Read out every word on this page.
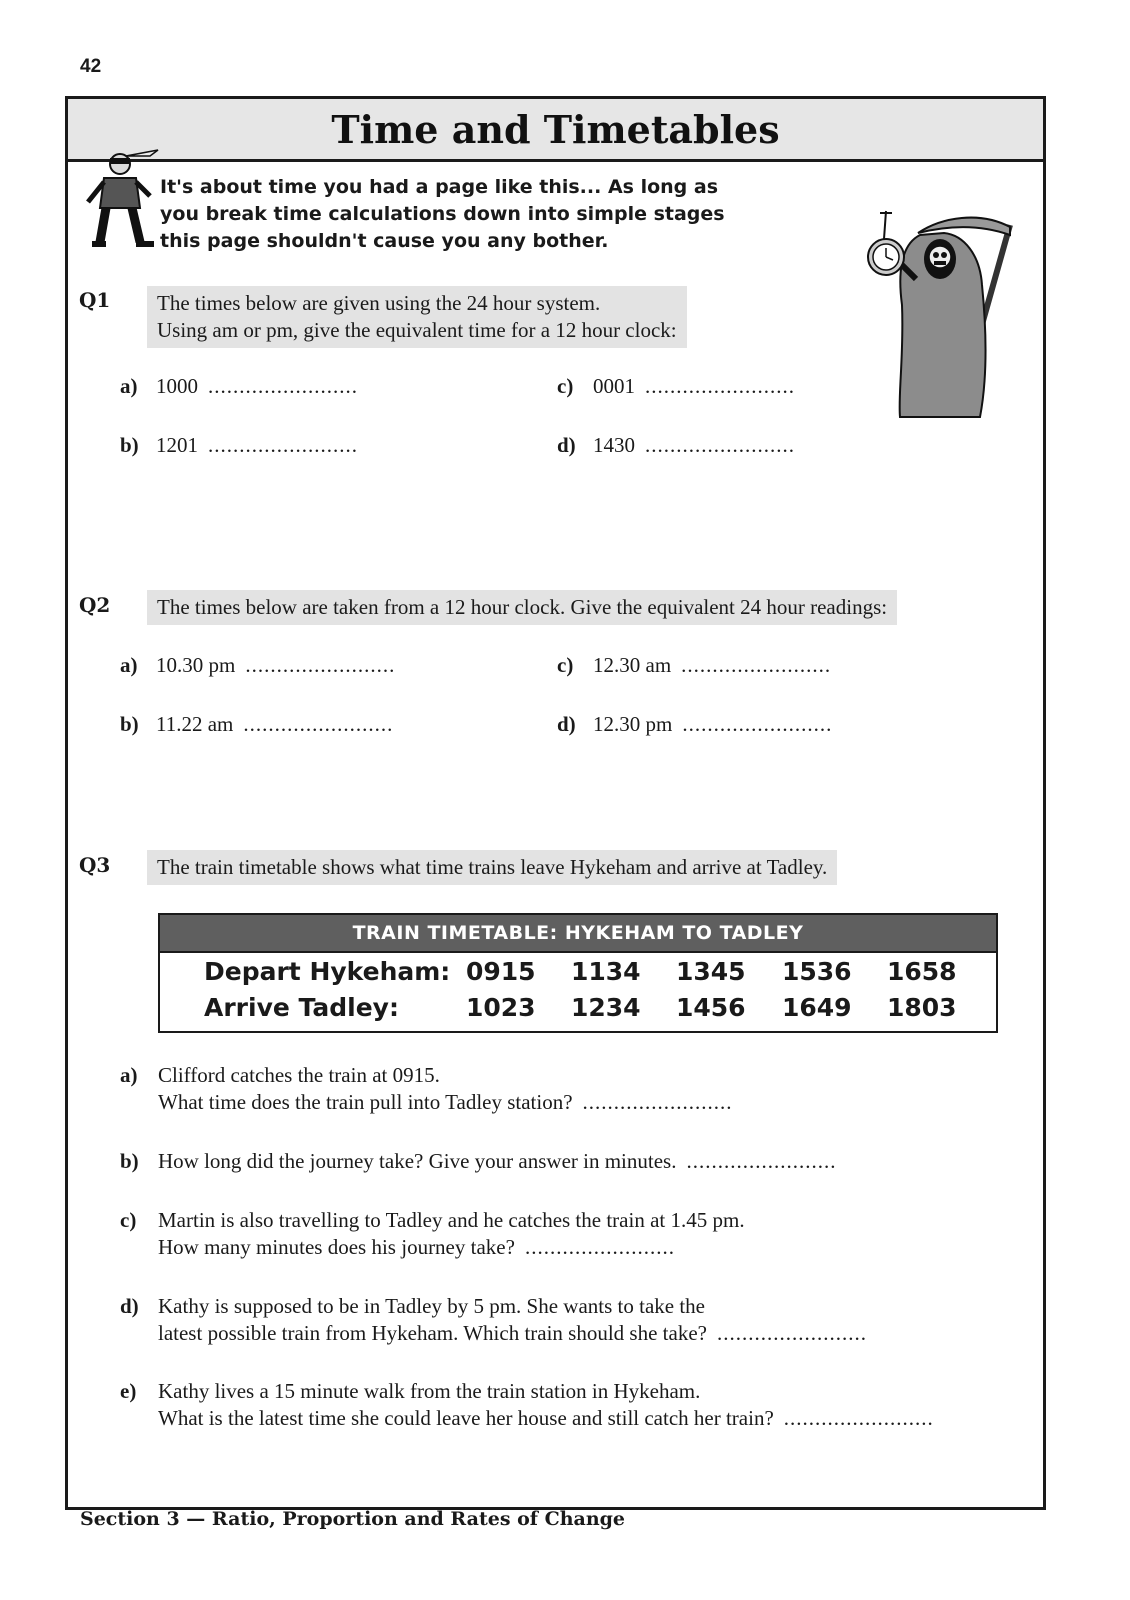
42
Time and Timetables
It's about time you had a page like this... As long as
you break time calculations down into simple stages
this page shouldn't cause you any bother.
Q1 The times below are given using the 24 hour system.
Using am or pm, give the equivalent time for a 12 hour clock:
a) 1000 ........................
b) 1201 ........................
c) 0001 ........................
d) 1430 ........................
Q2	The times below are taken from a 12 hour clock. Give the equivalent 24 hour readings:
a) 10.30 pm ........................
b) 11.22 am ........................
c) 12.30 am ........................
d) 12.30 pm ........................
Q3	The train timetable shows what time trains leave Hykeham and arrive at Tadley.
TRAIN TIMETABLE: HYKEHAM TO TADLEY
Depart Hykeham: 0915 1134 1345 1536 1658
Arrive Tadley:	1023 1234 1456 1649 1803
a) Clifford catches the train at 0915.
What time does the train pull into Tadley station? ........................
b) How long did the journey take? Give your answer in minutes. ........................
c) Martin is also travelling to Tadley and he catches the train at 1.45 pm.
How many minutes does his journey take? ........................
d) Kathy is supposed to be in Tadley by 5 pm. She wants to take the
latest possible train from Hykeham. Which train should she take? ........................
e) Kathy lives a 15 minute walk from the train station in Hykeham.
What is the latest time she could leave her house and still catch her train? ........................
Section 3 — Ratio, Proportion and Rates of Change
